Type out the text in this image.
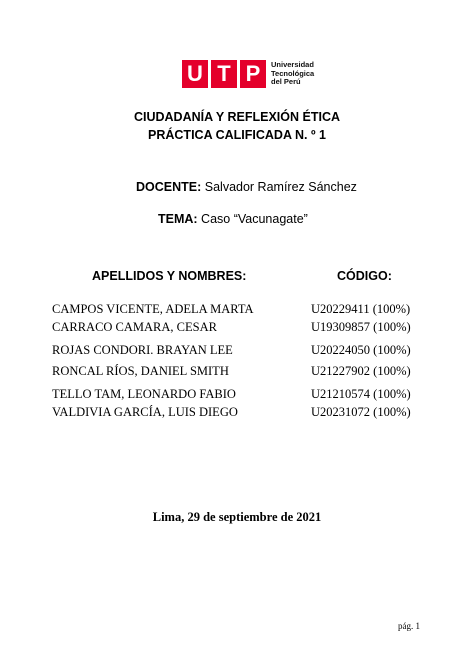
U T P	Universidad
Tecnológica
del Perú
CIUDADANÍA Y REFLEXIÓN ÉTICA
PRÁCTICA CALIFICADA N. º 1
DOCENTE: Salvador Ramírez Sánchez
TEMA: Caso “Vacunagate”
APELLIDOS Y NOMBRES:	CÓDIGO:
CAMPOS VICENTE, ADELA MARTA	U20229411 (100%)
CARRACO CAMARA, CESAR	U19309857 (100%)
ROJAS CONDORI. BRAYAN LEE	U20224050 (100%)
RONCAL RÍOS, DANIEL SMITH	U21227902 (100%)
TELLO TAM, LEONARDO FABIO	U21210574 (100%)
VALDIVIA GARCÍA, LUIS DIEGO	U20231072 (100%)
Lima, 29 de septiembre de 2021
pág. 1
